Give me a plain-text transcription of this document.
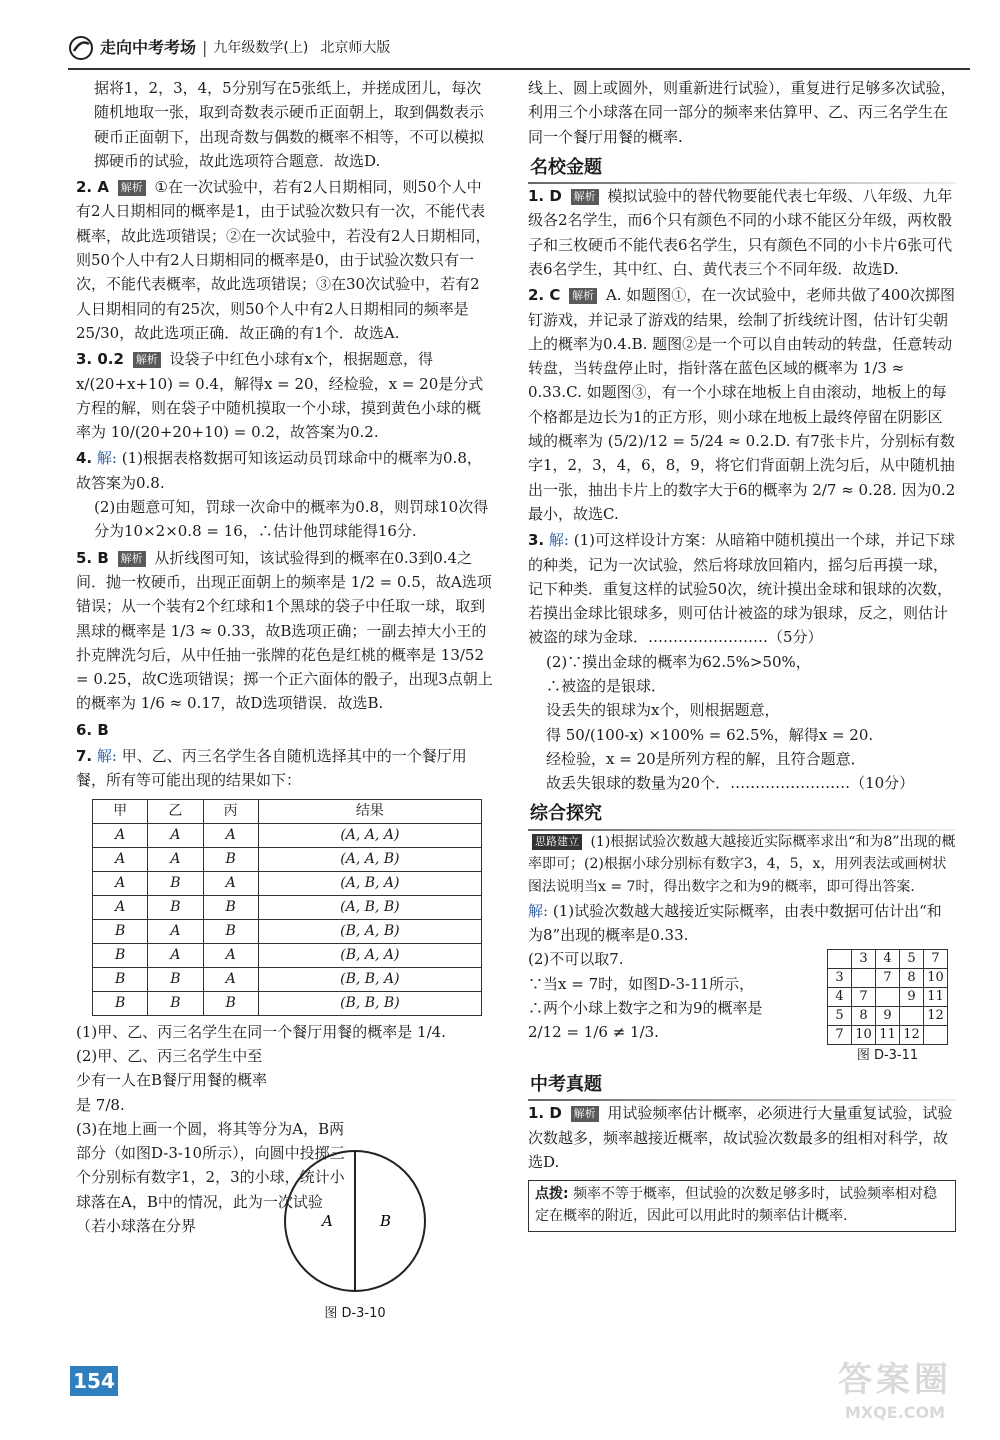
走向中考考场 | 九年级数学(上) 北京师大版

据将1，2，3，4，5分别写在5张纸上，并搓成团儿，每次随机地取一张，取到奇数表示硬币正面朝上，取到偶数表示硬币正面朝下，出现奇数与偶数的概率不相等，不可以模拟掷硬币的试验，故此选项符合题意．故选D.

2. A 解析 ①在一次试验中，若有2人日期相同，则50个人中有2人日期相同的概率是1，由于试验次数只有一次，不能代表概率，故此选项错误；②在一次试验中，若没有2人日期相同，则50个人中有2人日期相同的概率是0，由于试验次数只有一次，不能代表概率，故此选项错误；③在30次试验中，若有2人日期相同的有25次，则50个人中有2人日期相同的频率是 25/30，故此选项正确．故正确的有1个．故选A.

3. 0.2 解析 设袋子中红色小球有x个，根据题意，得 x/(20+x+10) = 0.4，解得x = 20，经检验，x = 20是分式方程的解，则在袋子中随机摸取一个小球，摸到黄色小球的概率为 10/(20+20+10) = 0.2，故答案为0.2.

4. 解: (1)根据表格数据可知该运动员罚球命中的概率为0.8，故答案为0.8.

(2)由题意可知，罚球一次命中的概率为0.8，则罚球10次得分为10×2×0.8 = 16，∴估计他罚球能得16分.

5. B 解析 从折线图可知，该试验得到的概率在0.3到0.4之间．抛一枚硬币，出现正面朝上的频率是 1/2 = 0.5，故A选项错误；从一个装有2个红球和1个黑球的袋子中任取一球，取到黑球的概率是 1/3 ≈ 0.33，故B选项正确；一副去掉大小王的扑克牌洗匀后，从中任抽一张牌的花色是红桃的概率是 13/52 = 0.25，故C选项错误；掷一个正六面体的骰子，出现3点朝上的概率为 1/6 ≈ 0.17，故D选项错误．故选B.

6. B

7. 解: 甲、乙、丙三名学生各自随机选择其中的一个餐厅用餐，所有等可能出现的结果如下：

甲	乙	丙	结果
A	A	A	(A, A, A)
A	A	B	(A, A, B)
A	B	A	(A, B, A)
A	B	B	(A, B, B)
B	A	B	(B, A, B)
B	A	A	(B, A, A)
B	B	A	(B, B, A)
B	B	B	(B, B, B)

(1)甲、乙、丙三名学生在同一个餐厅用餐的概率是 1/4.

(2)甲、乙、丙三名学生中至少有一人在B餐厅用餐的概率是 7/8.

(3)在地上画一个圆，将其等分为A，B两部分（如图D-3-10所示），向圆中投掷三个分别标有数字1，2，3的小球，统计小球落在A，B中的情况，此为一次试验（若小球落在分界	A	B
图 D-3-10

线上、圆上或圆外，则重新进行试验），重复进行足够多次试验，利用三个小球落在同一部分的频率来估算甲、乙、丙三名学生在同一个餐厅用餐的概率.

名校金题

1. D 解析 模拟试验中的替代物要能代表七年级、八年级、九年级各2名学生，而6个只有颜色不同的小球不能区分年级，两枚骰子和三枚硬币不能代表6名学生，只有颜色不同的小卡片6张可代表6名学生，其中红、白、黄代表三个不同年级．故选D.

2. C 解析 A. 如题图①，在一次试验中，老师共做了400次掷图钉游戏，并记录了游戏的结果，绘制了折线统计图，估计钉尖朝上的概率为0.4.B. 题图②是一个可以自由转动的转盘，任意转动转盘，当转盘停止时，指针落在蓝色区域的概率为 1/3 ≈ 0.33.C. 如题图③，有一个小球在地板上自由滚动，地板上的每个格都是边长为1的正方形，则小球在地板上最终停留在阴影区域的概率为 (5/2)/12 = 5/24 ≈ 0.2.D. 有7张卡片，分别标有数字1，2，3，4，6，8，9，将它们背面朝上洗匀后，从中随机抽出一张，抽出卡片上的数字大于6的概率为 2/7 ≈ 0.28. 因为0.2最小，故选C.

3. 解: (1)可这样设计方案：从暗箱中随机摸出一个球，并记下球的种类，记为一次试验，然后将球放回箱内，摇匀后再摸一球，记下种类．重复这样的试验50次，统计摸出金球和银球的次数，若摸出金球比银球多，则可估计被盗的球为银球，反之，则估计被盗的球为金球．……………………（5分）

(2)∵摸出金球的概率为62.5%>50%，

∴被盗的是银球．

设丢失的银球为x个，则根据题意，

得 50/(100-x) ×100% = 62.5%，解得x = 20.

经检验，x = 20是所列方程的解，且符合题意．

故丢失银球的数量为20个．……………………（10分）

综合探究

思路建立 (1)根据试验次数越大越接近实际概率求出“和为8”出现的概率即可；(2)根据小球分别标有数字3，4，5，x，用列表法或画树状图法说明当x = 7时，得出数字之和为9的概率，即可得出答案．

解: (1)试验次数越大越接近实际概率，由表中数据可估计出“和为8”出现的概率是0.33.

(2)不可以取7.

∵当x = 7时，如图D-3-11所示，

∴两个小球上数字之和为9的概率是

2/12 = 1/6 ≠ 1/3.

	3	4	5	7
3		7	8	10
4	7		9	11
5	8	9		12
7	10	11	12	
图 D-3-11
中考真题

1. D 解析 用试验频率估计概率，必须进行大量重复试验，试验次数越多，频率越接近概率，故试验次数最多的组相对科学，故选D.

点拨: 频率不等于概率，但试验的次数足够多时，试验频率相对稳定在概率的附近，因此可以用此时的频率估计概率.
154	答案圈
MXQE.COM
